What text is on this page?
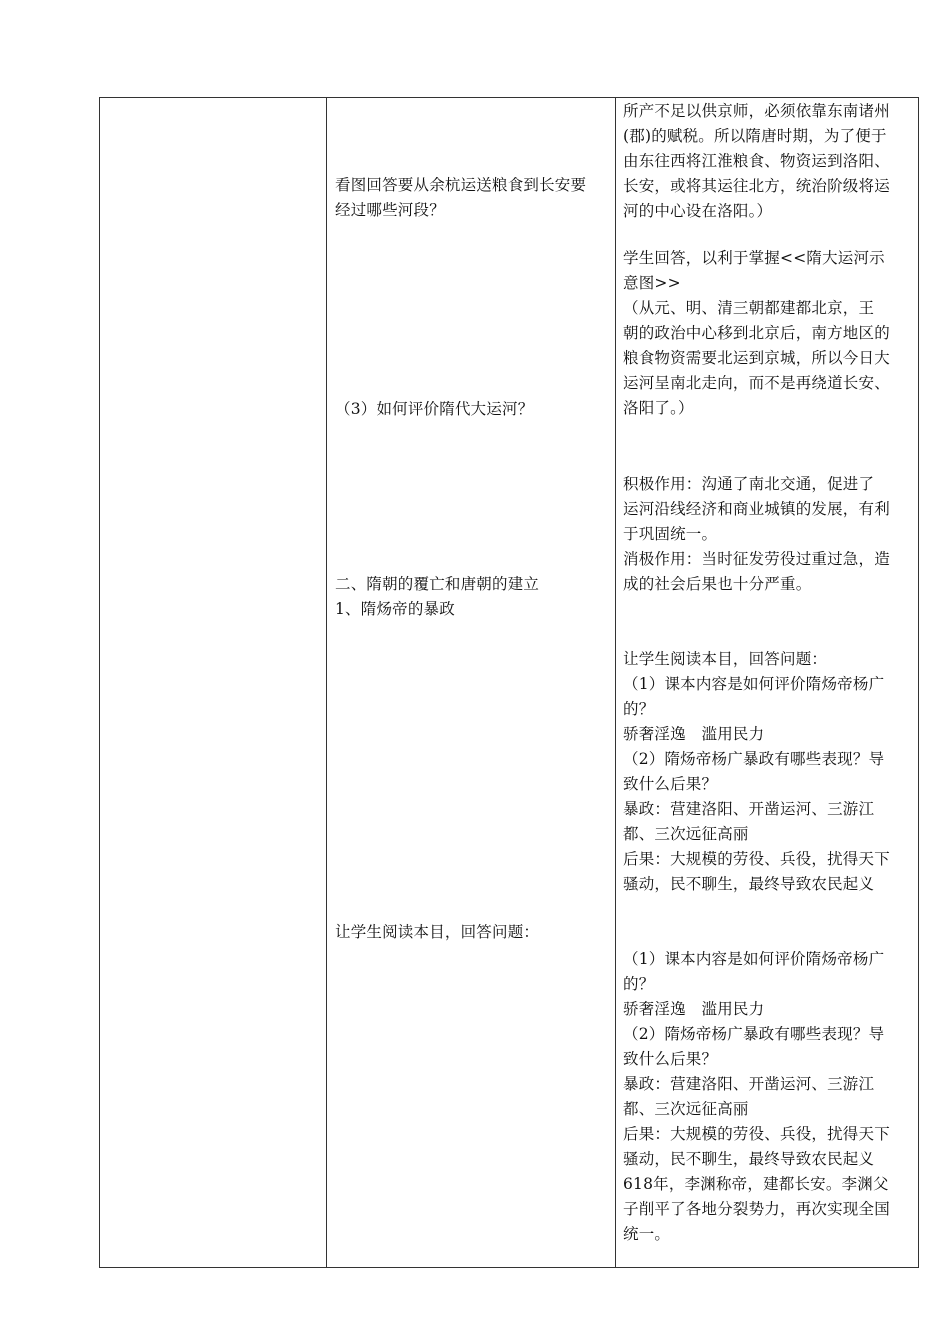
看图回答要从余杭运送粮食到长安要
经过哪些河段？
（3）如何评价隋代大运河？
二、隋朝的覆亡和唐朝的建立
1、隋炀帝的暴政
让学生阅读本目，回答问题：
所产不足以供京师，必须依靠东南诸州
(郡)的赋税。所以隋唐时期，为了便于
由东往西将江淮粮食、物资运到洛阳、
长安，或将其运往北方，统治阶级将运
河的中心设在洛阳。）
学生回答，以利于掌握<<隋大运河示
意图>>
（从元、明、清三朝都建都北京，王
朝的政治中心移到北京后，南方地区的
粮食物资需要北运到京城，所以今日大
运河呈南北走向，而不是再绕道长安、
洛阳了。）
积极作用：沟通了南北交通，促进了
运河沿线经济和商业城镇的发展，有利
于巩固统一。
消极作用：当时征发劳役过重过急，造
成的社会后果也十分严重。
让学生阅读本目，回答问题：
（1）课本内容是如何评价隋炀帝杨广
的？
骄奢淫逸　滥用民力
（2）隋炀帝杨广暴政有哪些表现？导
致什么后果？
暴政：营建洛阳、开凿运河、三游江
都、三次远征高丽
后果：大规模的劳役、兵役，扰得天下
骚动，民不聊生，最终导致农民起义
（1）课本内容是如何评价隋炀帝杨广
的？
骄奢淫逸　滥用民力
（2）隋炀帝杨广暴政有哪些表现？导
致什么后果？
暴政：营建洛阳、开凿运河、三游江
都、三次远征高丽
后果：大规模的劳役、兵役，扰得天下
骚动，民不聊生，最终导致农民起义
618年，李渊称帝，建都长安。李渊父
子削平了各地分裂势力，再次实现全国
统一。
